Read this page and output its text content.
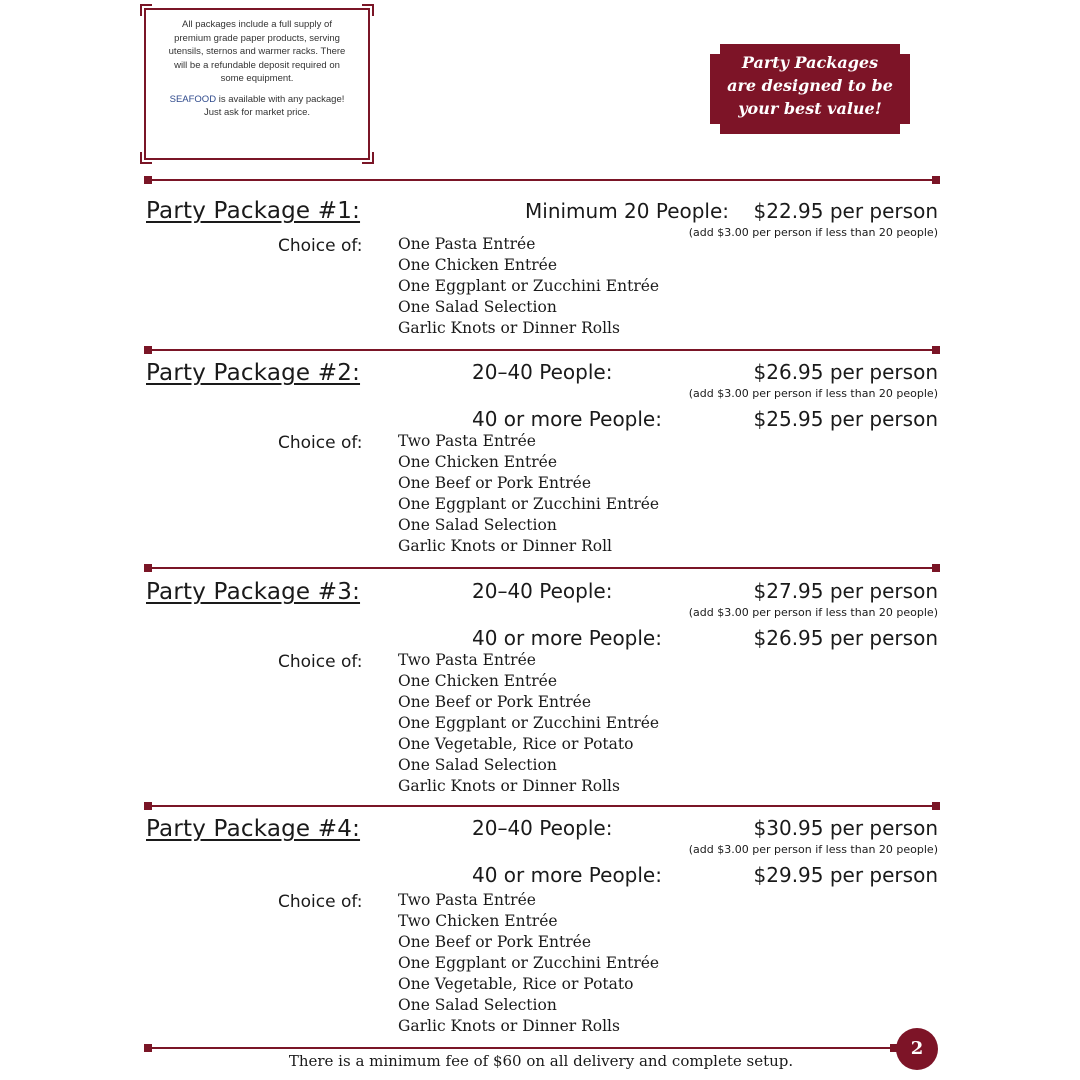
All packages include a full supply of premium grade paper products, serving utensils, sternos and warmer racks. There will be a refundable deposit required on some equipment.

SEAFOOD is available with any package! Just ask for market price.

Party Packages
are designed to be
your best value!
Party Package #1:	Minimum 20 People: $22.95 per person
(add $3.00 per person if less than 20 people)
Choice of: One Pasta Entrée
One Chicken Entrée
One Eggplant or Zucchini Entrée
One Salad Selection
Garlic Knots or Dinner Rolls
Party Package #2:	20–40 People:	$26.95 per person
(add $3.00 per person if less than 20 people)
40 or more People:	$25.95 per person
Choice of: Two Pasta Entrée
One Chicken Entrée
One Beef or Pork Entrée
One Eggplant or Zucchini Entrée
One Salad Selection
Garlic Knots or Dinner Roll
Party Package #3:	20–40 People:	$27.95 per person
(add $3.00 per person if less than 20 people)
40 or more People:	$26.95 per person
Choice of: Two Pasta Entrée
One Chicken Entrée
One Beef or Pork Entrée
One Eggplant or Zucchini Entrée
One Vegetable, Rice or Potato
One Salad Selection
Garlic Knots or Dinner Rolls
Party Package #4:	20–40 People:	$30.95 per person
(add $3.00 per person if less than 20 people)
40 or more People:	$29.95 per person
Choice of: Two Pasta Entrée
Two Chicken Entrée
One Beef or Pork Entrée
One Eggplant or Zucchini Entrée
One Vegetable, Rice or Potato
One Salad Selection
Garlic Knots or Dinner Rolls
There is a minimum fee of $60 on all delivery and complete setup.
2
